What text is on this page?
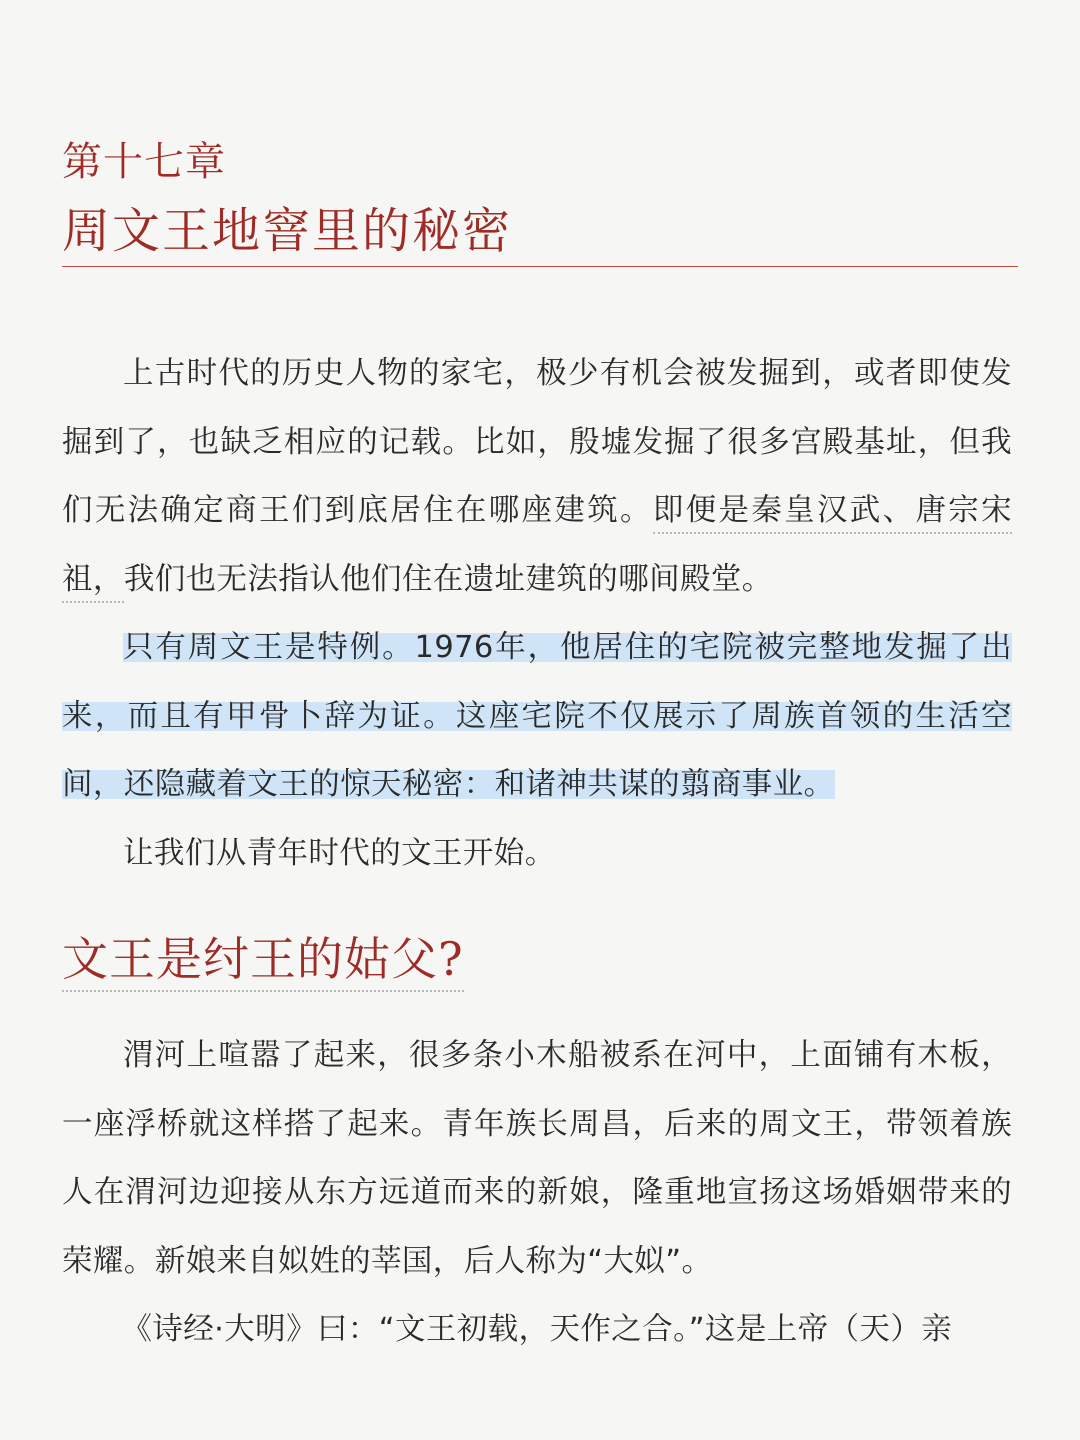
第十七章
周文王地窨里的秘密

上古时代的历史人物的家宅，极少有机会被发掘到，或者即使发掘到了，也缺乏相应的记载。比如，殷墟发掘了很多宫殿基址，但我们无法确定商王们到底居住在哪座建筑。即便是秦皇汉武、唐宗宋祖，我们也无法指认他们住在遗址建筑的哪间殿堂。

只有周文王是特例。1976年，他居住的宅院被完整地发掘了出来，而且有甲骨卜辞为证。这座宅院不仅展示了周族首领的生活空间，还隐藏着文王的惊天秘密：和诸神共谋的翦商事业。

让我们从青年时代的文王开始。

文王是纣王的姑父?

渭河上喧嚣了起来，很多条小木船被系在河中，上面铺有木板，一座浮桥就这样搭了起来。青年族长周昌，后来的周文王，带领着族人在渭河边迎接从东方远道而来的新娘，隆重地宣扬这场婚姻带来的荣耀。新娘来自姒姓的莘国，后人称为“大姒”。

《诗经·大明》曰：“文王初载，天作之合。”这是上帝（天）亲
